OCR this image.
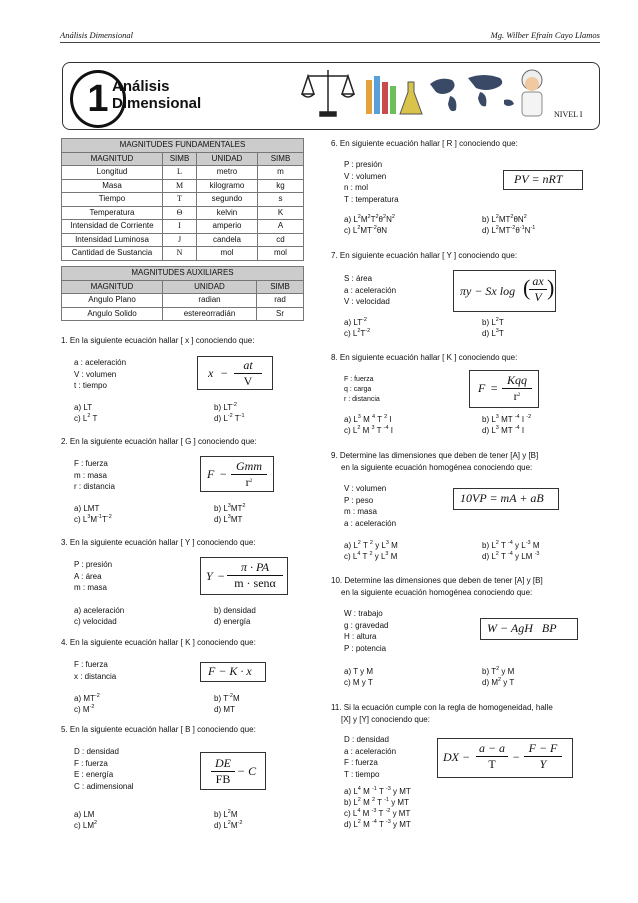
Análisis Dimensional	Mg. Wilber Efraín Cayo Llamos
1 Análisis
Dimensional
NIVEL I
MAGNITUDES FUNDAMENTALES			
MAGNITUD	SIMB	UNIDAD	SIMB
Longitud	L	metro	m
Masa	M	kilogramo	kg
Tiempo	T	segundo	s
Temperatura	Θ	kelvin	K
Intensidad de Corriente	I	amperio	A
Intensidad Luminosa	J	candela	cd
Cantidad de Sustancia	N	mol	mol
MAGNITUDES AUXILIARES		
MAGNITUD	UNIDAD	SIMB
Angulo Plano	radian	rad
Angulo Solido	estereorradián	Sr
1. En la siguiente ecuación hallar [ x ] conociendo que:
a : aceleración
V : volumen
t : tiempo
x −
at
V
a) LT
c) $L^2$ T
b) $LT^{-2}$
d) $L^{-2}$ $T^{-1}$
2. En la siguiente ecuación hallar [ G ] conociendo que:
F : fuerza
m : masa
r : distancia
F −
Gmm
$r^2$
a) LMT
c) $L^3M^{-1}T^{-2}$
b) $L^3MT^2$
d) $L^3MT$
3. En la siguiente ecuación hallar [ Y ] conociendo que:
P : presión
A : área
m : masa
Y −
π · PA
m · senα
a) aceleración
c) velocidad
b) densidad
d) energía
4. En la siguiente ecuación hallar [ K ] conociendo que:
F : fuerza
x : distancia	F − K · x
a) $MT^{-2}$
c) $M^{-2}$
b) $T^{-2}M$
d) MT
5. En la siguiente ecuación hallar [ B ] conociendo que:
D : densidad
F : fuerza
E : energía
C : adimensional
DE
FB
− C
a) LM
c) $LM^2$
b) $L^2M$
d) $L^2M^{-2}$
6. En siguiente ecuación hallar [ R ] conociendo que:
P : presión
V : volumen
n : mol
T : temperatura
PV = nRT
a) $L^2M^2T^2\theta^2N^2$
c) $L^2MT^{-2}\theta N$
b) $L^2MT^2\theta N^2$
d) $L^2MT^{-2}\theta^{-1}N^{-1}$
7. En siguiente ecuación hallar [ Y ] conociendo que:
S : área
a : aceleración
V : velocidad
πy − Sx log ( ax
V )
a) $LT^{-2}$
c) $L^2T^{-2}$
b) $L^2T$
d) $L^3T$
8. En siguiente ecuación hallar [ K ] conociendo que:
F : fuerza
q : carga
r : distancia
F =
Kqq
$r^2$
a) $L^3$ M $^4$ T $^2$ I
c) $L^2$ M $^3$ T $^{-4}$ I
b) $L^3$ MT $^{-4}$ I $^{-2}$
d) $L^3$ MT $^{-4}$ I
9. Determine las dimensiones que deben de tener [A] y [B]
en la siguiente ecuación homogénea conociendo que:
V : volumen
P : peso
m : masa
a : aceleración
10VP = mA + aB
a) $L^2$ T $^2$ y $L^3$ M
c) $L^4$ T $^2$ y $L^3$ M
b) $L^2$ T $^{-4}$ y $L^{-3}$ M
d) $L^2$ T $^{-4}$ y LM $^{-3}$
10. Determine las dimensiones que deben de tener [A] y [B]
en la siguiente ecuación homogénea conociendo que:
W : trabajo
g : gravedad
H : altura
P : potencia
W − AgH   BP
a) T y M
c) M y T
b) $T^2$ y M
d) $M^2$ y T
11. Si la ecuación cumple con la regla de homogeneidad, halle
[X] y [Y] conociendo que:
D : densidad
a : aceleración
F : fuerza
T : tiempo
DX −
a − a
T	−
F − F
Y
a) $L^4$ M $^{-1}$ T $^{-3}$ y MT
b) $L^2$ M $^2$ T $^{-1}$ y MT
c) $L^4$ M $^{-3}$ T $^{-2}$ y MT
d) $L^2$ M $^{-4}$ T $^{-3}$ y MT
